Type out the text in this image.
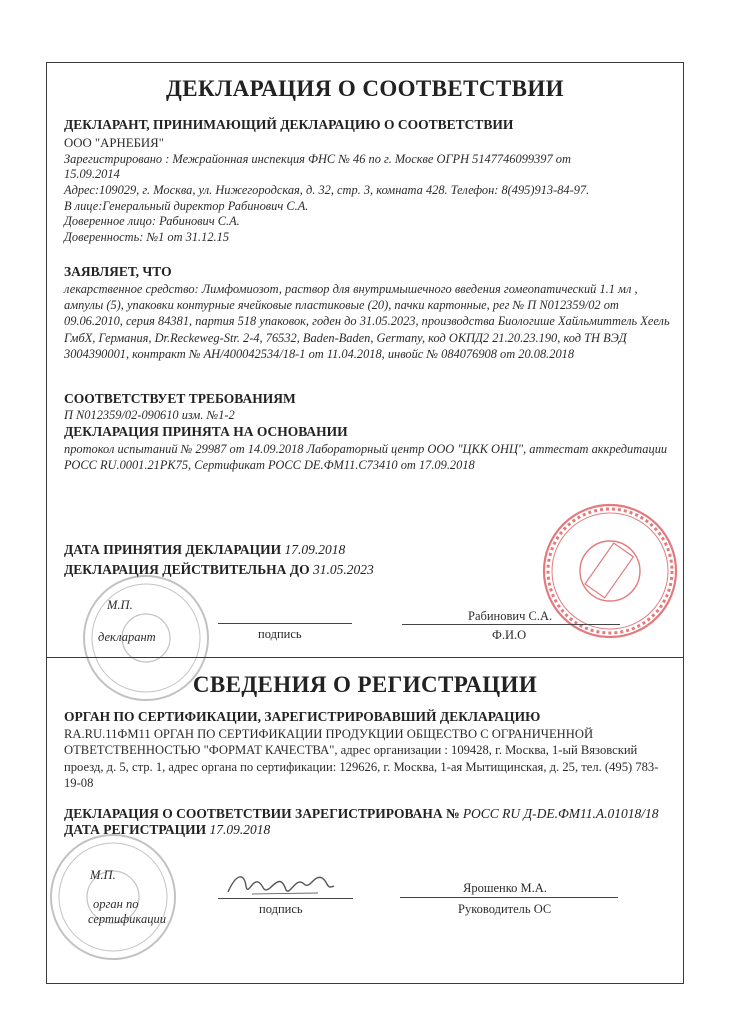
ДЕКЛАРАЦИЯ О СООТВЕТСТВИИ
ДЕКЛАРАНТ, ПРИНИМАЮЩИЙ ДЕКЛАРАЦИЮ О СООТВЕТСТВИИ
ООО "АРНЕБИЯ"
Зарегистрировано : Межрайонная инспекция ФНС № 46 по г. Москве ОГРН 5147746099397 от
15.09.2014
Адрес:109029, г. Москва, ул. Нижегородская, д. 32, стр. 3, комната 428. Телефон: 8(495)913-84-97.
В лице:Генеральный директор Рабинович С.А.
Доверенное лицо: Рабинович С.А.
Доверенность: №1 от 31.12.15
ЗАЯВЛЯЕТ, ЧТО
лекарственное средство: Лимфомиозот, раствор для внутримышечного введения гомеопатический 1.1 мл , ампулы (5), упаковки контурные ячейковые пластиковые (20), пачки картонные, рег № П N012359/02 от 09.06.2010, серия 84381, партия 518 упаковок, годен до 31.05.2023, производства Биологише Хайльмиттель Хеель ГмбХ, Германия, Dr.Reckeweg-Str. 2-4, 76532, Baden-Baden, Germany, код ОКПД2 21.20.23.190, код ТН ВЭД 3004390001, контракт № АН/400042534/18-1 от 11.04.2018, инвойс № 084076908 от 20.08.2018
СООТВЕТСТВУЕТ ТРЕБОВАНИЯМ
П N012359/02-090610 изм. №1-2
ДЕКЛАРАЦИЯ ПРИНЯТА НА ОСНОВАНИИ
протокол испытаний № 29987 от 14.09.2018 Лабораторный центр ООО "ЦКК ОНЦ", аттестат аккредитации РОСС RU.0001.21РК75, Сертификат РОСС DE.ФМ11.С73410 от 17.09.2018
ДАТА ПРИНЯТИЯ ДЕКЛАРАЦИИ 17.09.2018
ДЕКЛАРАЦИЯ ДЕЙСТВИТЕЛЬНА ДО 31.05.2023
М.П.
декларант	подпись
Рабинович С.А.
Ф.И.О
СВЕДЕНИЯ О РЕГИСТРАЦИИ
ОРГАН ПО СЕРТИФИКАЦИИ, ЗАРЕГИСТРИРОВАВШИЙ ДЕКЛАРАЦИЮ
RA.RU.11ФМ11 ОРГАН ПО СЕРТИФИКАЦИИ ПРОДУКЦИИ ОБЩЕСТВО С ОГРАНИЧЕННОЙ ОТВЕТСТВЕННОСТЬЮ "ФОРМАТ КАЧЕСТВА", адрес организации : 109428, г. Москва, 1-ый Вязовский проезд, д. 5, стр. 1, адрес органа по сертификации: 129626, г. Москва, 1-ая Мытищинская, д. 25, тел. (495) 783-19-08
ДЕКЛАРАЦИЯ О СООТВЕТСТВИИ ЗАРЕГИСТРИРОВАНА № РОСС RU Д-DE.ФМ11.А.01018/18
ДАТА РЕГИСТРАЦИИ 17.09.2018
М.П.
орган по
сертификации
подпись
Ярошенко М.А.
Руководитель ОС
